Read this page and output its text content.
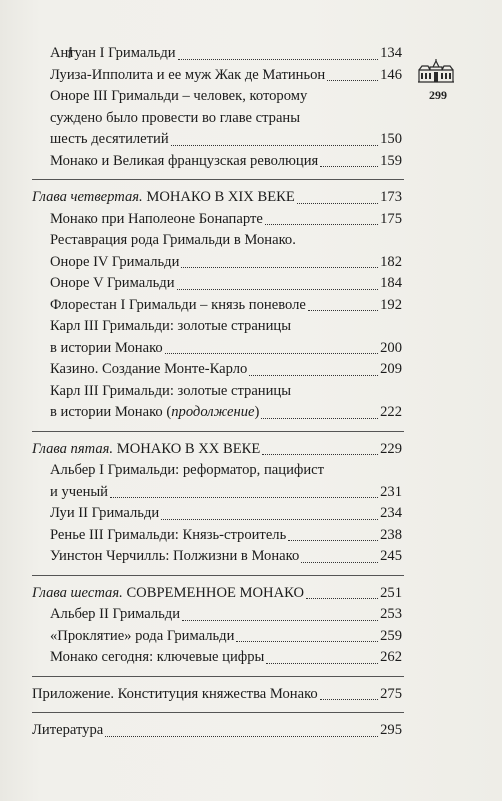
299
Антуан I Гримальди	134
Луиза-Ипполита и ее муж Жак де Матиньон	146
Оноре III Гримальди – человек, которому
суждено было провести во главе страны
шесть десятилетий	150
Монако и Великая французская революция	159
Глава четвертая. МОНАКО В XIX ВЕКЕ	173
Монако при Наполеоне Бонапарте	175
Реставрация рода Гримальди в Монако.
Оноре IV Гримальди	182
Оноре V Гримальди	184
Флорестан I Гримальди – князь поневоле	192
Карл III Гримальди: золотые страницы
в истории Монако	200
Казино. Создание Монте-Карло	209
Карл III Гримальди: золотые страницы
в истории Монако (продолжение)	222
Глава пятая. МОНАКО В XX ВЕКЕ	229
Альбер I Гримальди: реформатор, пацифист
и ученый	231
Луи II Гримальди	234
Ренье III Гримальди: Князь-строитель	238
Уинстон Черчилль: Полжизни в Монако	245
Глава шестая. СОВРЕМЕННОЕ МОНАКО	251
Альбер II Гримальди	253
«Проклятие» рода Гримальди	259
Монако сегодня: ключевые цифры	262
Приложение. Конституция княжества Монако	275
Литература	295
